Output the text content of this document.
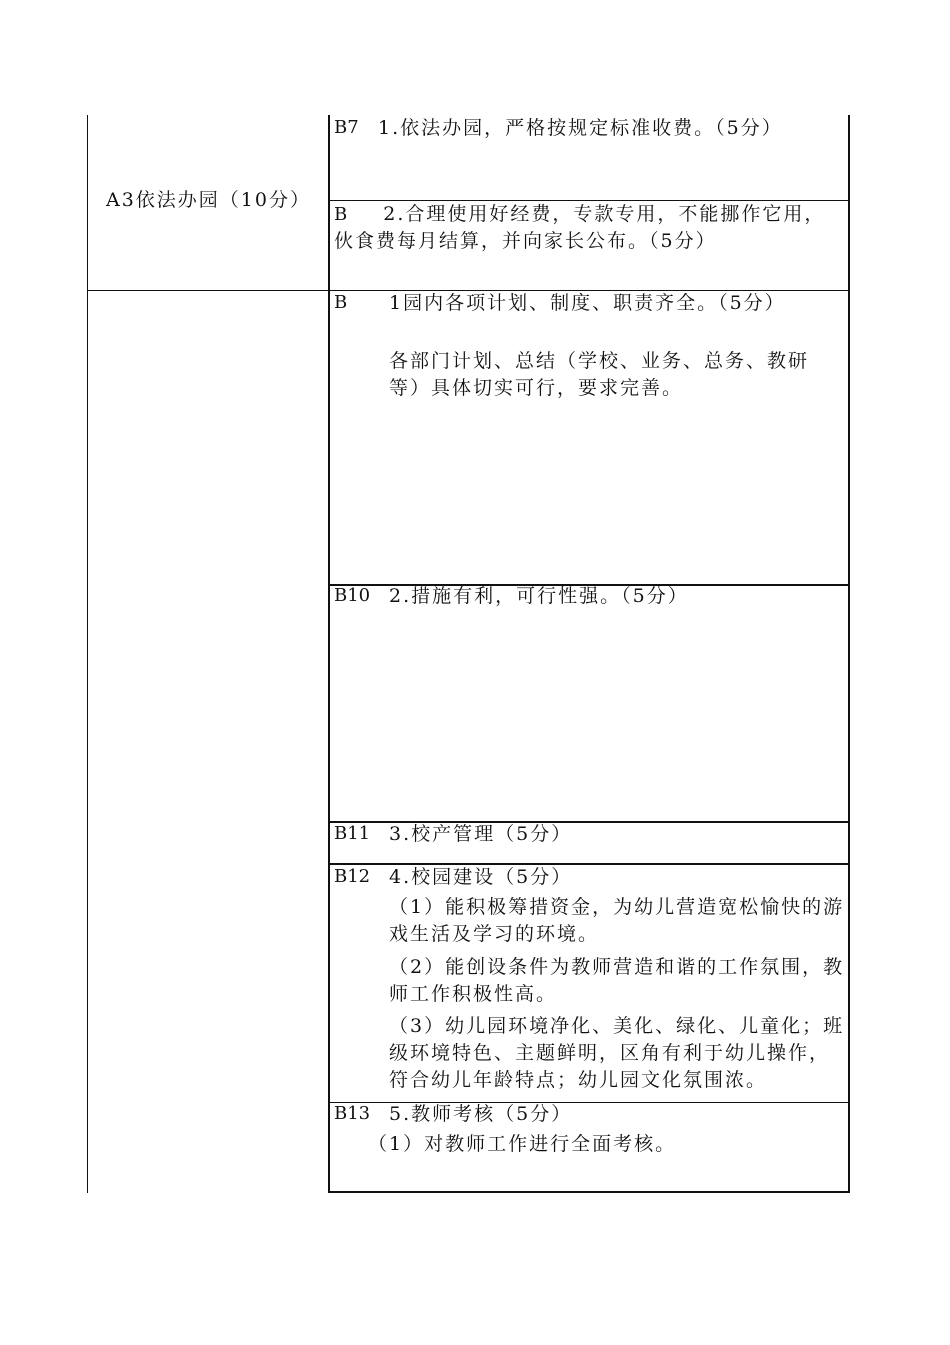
A3依法办园（10分）
B7 1.依法办园，严格按规定标准收费。（5分）
B 2.合理使用好经费，专款专用，不能挪作它用，伙食费每月结算，并向家长公布。（5分）
B 1园内各项计划、制度、职责齐全。（5分）
各部门计划、总结（学校、业务、总务、教研等）具体切实可行，要求完善。
B10 2.措施有利，可行性强。（5分）
B11 3.校产管理（5分）
B12 4.校园建设（5分）
（1）能积极筹措资金，为幼儿营造宽松愉快的游戏生活及学习的环境。
（2）能创设条件为教师营造和谐的工作氛围，教师工作积极性高。
（3）幼儿园环境净化、美化、绿化、儿童化；班级环境特色、主题鲜明，区角有利于幼儿操作，符合幼儿年龄特点；幼儿园文化氛围浓。
B13 5.教师考核（5分）
（1）对教师工作进行全面考核。
